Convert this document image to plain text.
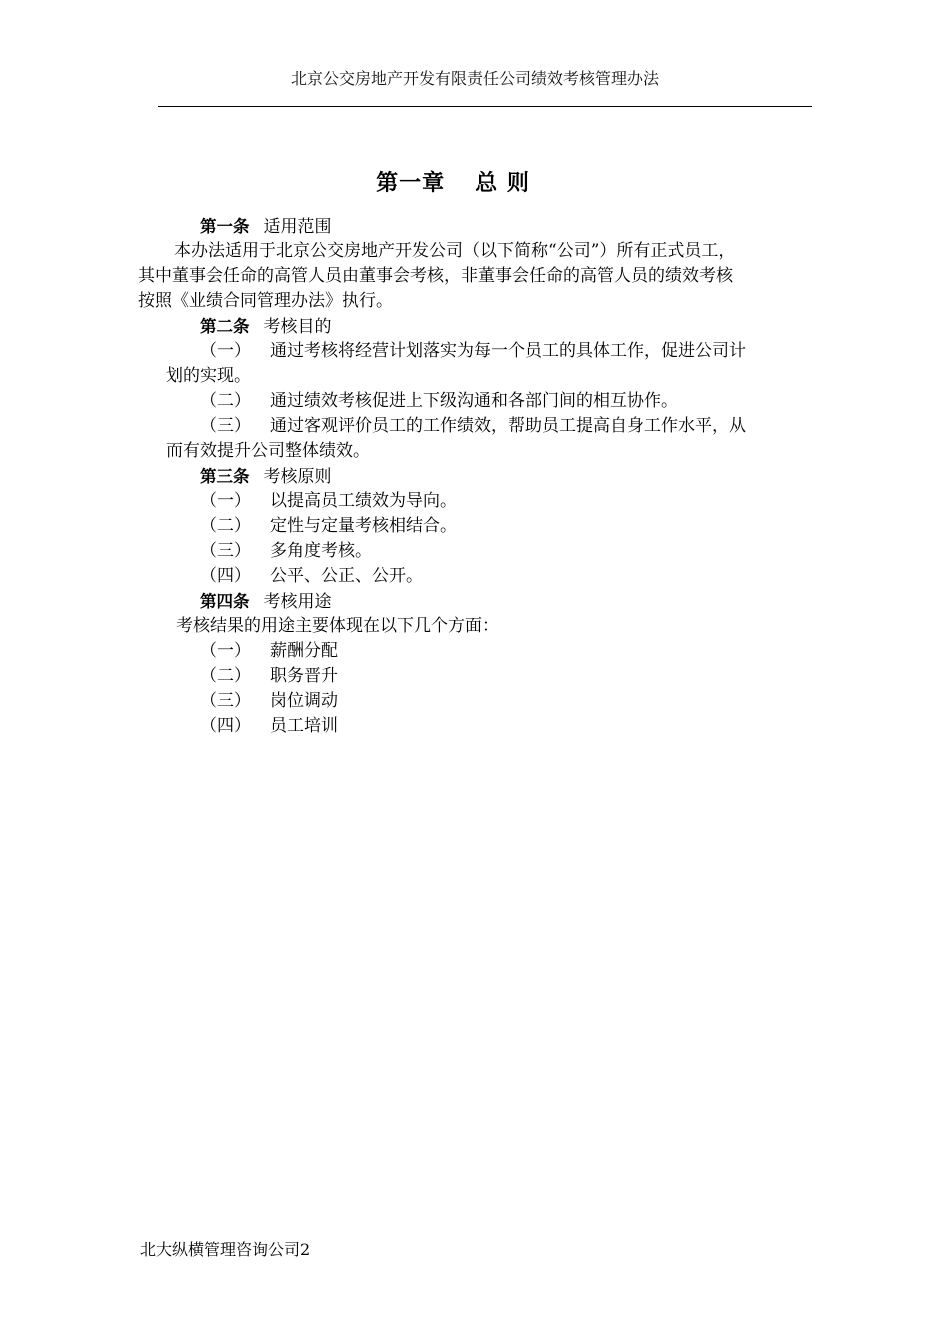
北京公交房地产开发有限责任公司绩效考核管理办法
第一章 总 则
第一条 适用范围
本办法适用于北京公交房地产开发公司（以下简称“公司”）所有正式员工，
其中董事会任命的高管人员由董事会考核，非董事会任命的高管人员的绩效考核
按照《业绩合同管理办法》执行。
第二条 考核目的
（一） 通过考核将经营计划落实为每一个员工的具体工作，促进公司计
划的实现。
（二） 通过绩效考核促进上下级沟通和各部门间的相互协作。
（三） 通过客观评价员工的工作绩效，帮助员工提高自身工作水平，从
而有效提升公司整体绩效。
第三条 考核原则
（一） 以提高员工绩效为导向。
（二） 定性与定量考核相结合。
（三） 多角度考核。
（四） 公平、公正、公开。
第四条 考核用途
考核结果的用途主要体现在以下几个方面：
（一） 薪酬分配
（二） 职务晋升
（三） 岗位调动
（四） 员工培训
北大纵横管理咨询公司2
